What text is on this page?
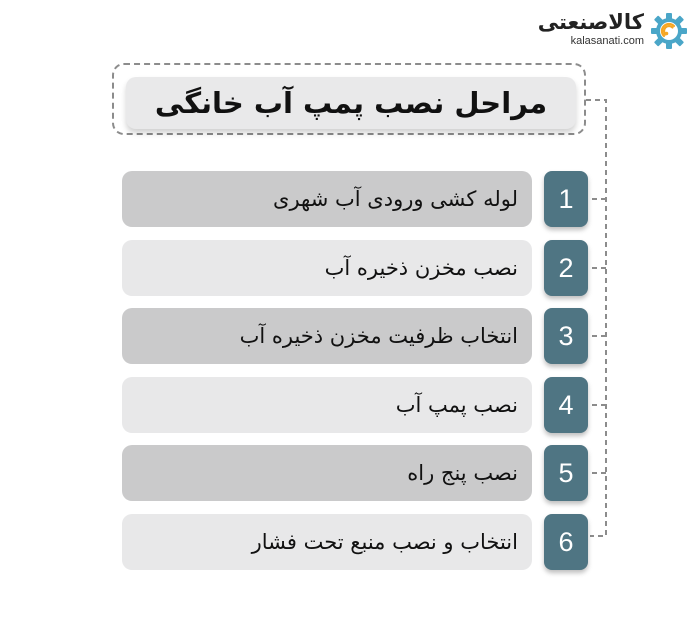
کالاصنعتی
kalasanati.com
مراحل نصب پمپ آب خانگی
لوله کشی ورودی آب شهری	1
نصب مخزن ذخیره آب	2
انتخاب ظرفیت مخزن ذخیره آب	3
نصب پمپ آب	4
نصب پنج راه	5
انتخاب و نصب منبع تحت فشار	6
